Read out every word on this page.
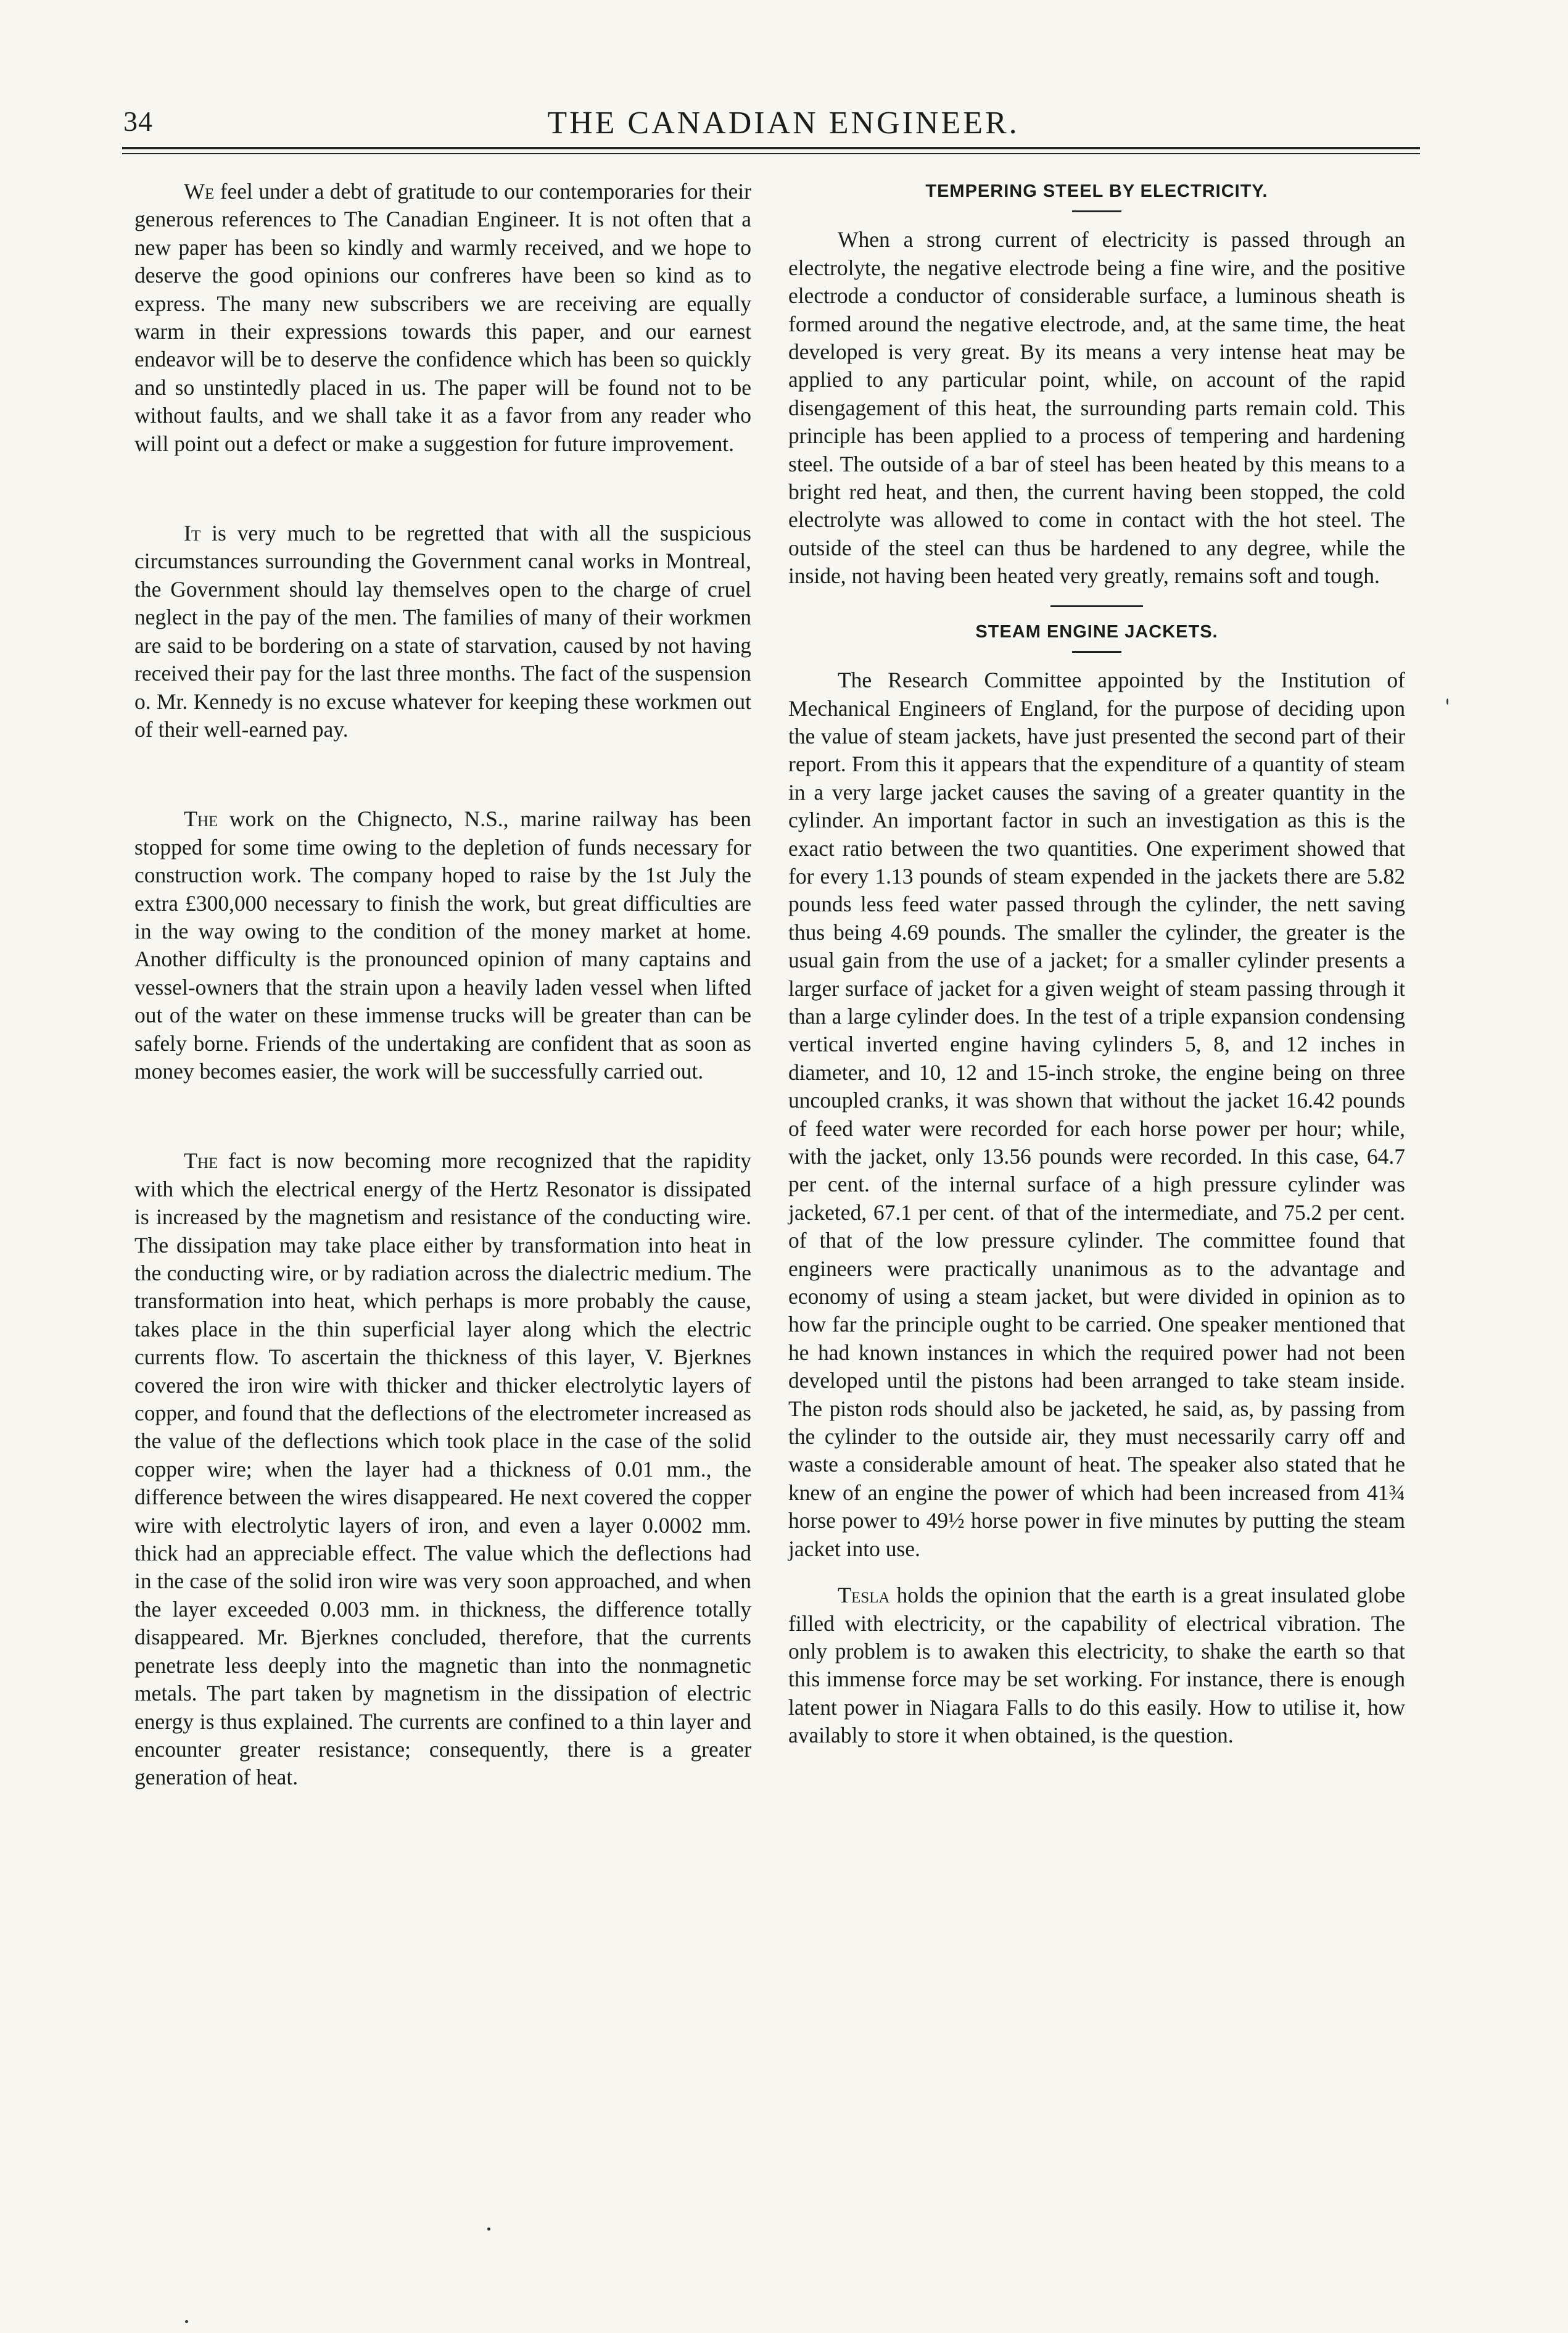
34	THE CANADIAN ENGINEER.

We feel under a debt of gratitude to our contemporaries for their generous references to The Canadian Engineer. It is not often that a new paper has been so kindly and warmly received, and we hope to deserve the good opinions our confreres have been so kind as to express. The many new subscribers we are receiving are equally warm in their expressions towards this paper, and our earnest endeavor will be to deserve the confidence which has been so quickly and so unstintedly placed in us. The paper will be found not to be without faults, and we shall take it as a favor from any reader who will point out a defect or make a suggestion for future improvement.

It is very much to be regretted that with all the suspicious circumstances surrounding the Government canal works in Montreal, the Government should lay themselves open to the charge of cruel neglect in the pay of the men. The families of many of their workmen are said to be bordering on a state of starvation, caused by not having received their pay for the last three months. The fact of the suspension o. Mr. Kennedy is no excuse whatever for keeping these workmen out of their well-earned pay.

The work on the Chignecto, N.S., marine railway has been stopped for some time owing to the depletion of funds necessary for construction work. The company hoped to raise by the 1st July the extra £300,000 necessary to finish the work, but great difficulties are in the way owing to the condition of the money market at home. Another difficulty is the pronounced opinion of many captains and vessel-owners that the strain upon a heavily laden vessel when lifted out of the water on these immense trucks will be greater than can be safely borne. Friends of the undertaking are confident that as soon as money becomes easier, the work will be successfully carried out.

The fact is now becoming more recognized that the rapidity with which the electrical energy of the Hertz Resonator is dissipated is increased by the magnetism and resistance of the conducting wire. The dissipation may take place either by transformation into heat in the conducting wire, or by radiation across the dialectric medium. The transformation into heat, which perhaps is more probably the cause, takes place in the thin superficial layer along which the electric currents flow. To ascertain the thickness of this layer, V. Bjerknes covered the iron wire with thicker and thicker electrolytic layers of copper, and found that the deflections of the electrometer increased as the value of the deflections which took place in the case of the solid copper wire; when the layer had a thickness of 0.01 mm., the difference between the wires disappeared. He next covered the copper wire with electrolytic layers of iron, and even a layer 0.0002 mm. thick had an appreciable effect. The value which the deflections had in the case of the solid iron wire was very soon approached, and when the layer exceeded 0.003 mm. in thickness, the difference totally disappeared. Mr. Bjerknes concluded, therefore, that the currents penetrate less deeply into the magnetic than into the nonmagnetic metals. The part taken by magnetism in the dissipation of electric energy is thus explained. The currents are confined to a thin layer and encounter greater resistance; consequently, there is a greater generation of heat.

TEMPERING STEEL BY ELECTRICITY.

When a strong current of electricity is passed through an electrolyte, the negative electrode being a fine wire, and the positive electrode a conductor of considerable surface, a luminous sheath is formed around the negative electrode, and, at the same time, the heat developed is very great. By its means a very intense heat may be applied to any particular point, while, on account of the rapid disengagement of this heat, the surrounding parts remain cold. This principle has been applied to a process of tempering and hardening steel. The outside of a bar of steel has been heated by this means to a bright red heat, and then, the current having been stopped, the cold electrolyte was allowed to come in contact with the hot steel. The outside of the steel can thus be hardened to any degree, while the inside, not having been heated very greatly, remains soft and tough.

STEAM ENGINE JACKETS.

The Research Committee appointed by the Institution of Mechanical Engineers of England, for the purpose of deciding upon the value of steam jackets, have just presented the second part of their report. From this it appears that the expenditure of a quantity of steam in a very large jacket causes the saving of a greater quantity in the cylinder. An important factor in such an investigation as this is the exact ratio between the two quantities. One experiment showed that for every 1.13 pounds of steam expended in the jackets there are 5.82 pounds less feed water passed through the cylinder, the nett saving thus being 4.69 pounds. The smaller the cylinder, the greater is the usual gain from the use of a jacket; for a smaller cylinder presents a larger surface of jacket for a given weight of steam passing through it than a large cylinder does. In the test of a triple expansion condensing vertical inverted engine having cylinders 5, 8, and 12 inches in diameter, and 10, 12 and 15-inch stroke, the engine being on three uncoupled cranks, it was shown that without the jacket 16.42 pounds of feed water were recorded for each horse power per hour; while, with the jacket, only 13.56 pounds were recorded. In this case, 64.7 per cent. of the internal surface of a high pressure cylinder was jacketed, 67.1 per cent. of that of the intermediate, and 75.2 per cent. of that of the low pressure cylinder. The committee found that engineers were practically unanimous as to the advantage and economy of using a steam jacket, but were divided in opinion as to how far the principle ought to be carried. One speaker mentioned that he had known instances in which the required power had not been developed until the pistons had been arranged to take steam inside. The piston rods should also be jacketed, he said, as, by passing from the cylinder to the outside air, they must necessarily carry off and waste a considerable amount of heat. The speaker also stated that he knew of an engine the power of which had been increased from 41¾ horse power to 49½ horse power in five minutes by putting the steam jacket into use.

Tesla holds the opinion that the earth is a great insulated globe filled with electricity, or the capability of electrical vibration. The only problem is to awaken this electricity, to shake the earth so that this immense force may be set working. For instance, there is enough latent power in Niagara Falls to do this easily. How to utilise it, how availably to store it when obtained, is the question.
